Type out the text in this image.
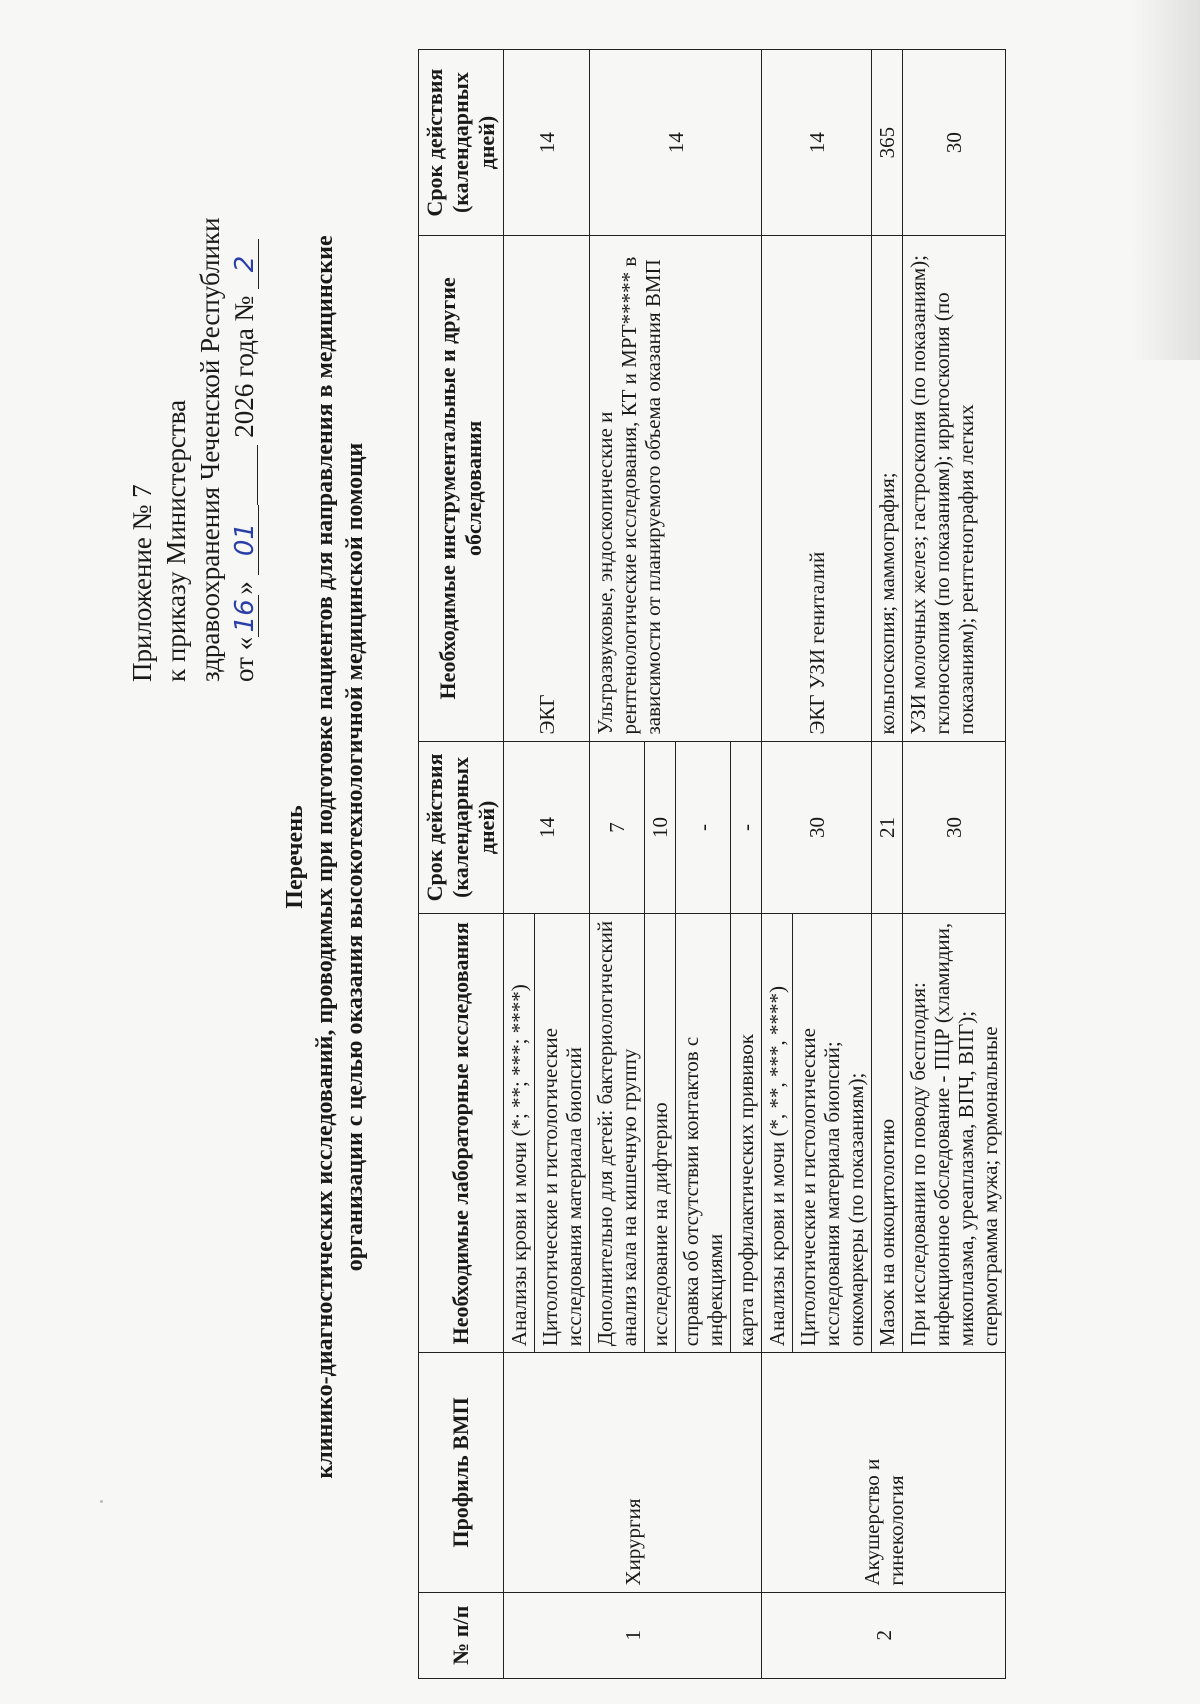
Приложение № 7 к приказу Министерства здравоохранения Чеченской Республики от «16» 01  2026 года № 2
Перечень клинико-диагностических исследований, проводимых при подготовке пациентов для направления в медицинские организации с целью оказания высокотехнологичной медицинской помощи
№ п/п	Профиль ВМП	Необходимые лабораторные исследования	Срок действия (календарных дней)	Необходимые инструментальные и другие обследования	Срок действия (календарных дней)
1	Хирургия	Анализы крови и мочи (*; **; ***; ****)	14	ЭКГ	14
		Цитологические и гистологические исследования материала биопсий			
		Дополнительно для детей: бактериологический анализ кала на кишечную группу	7	Ультразвуковые, эндоскопические и рентгенологические исследования, КТ и МРТ***** в зависимости от планируемого объема оказания ВМП	14
		исследование на дифтерию	10		
		справка об отсутствии контактов с инфекциями	-		
		карта профилактических прививок	-		
2	Акушерство и гинекология	Анализы крови и мочи (*, **, ***, ****)	30	ЭКГ УЗИ гениталий	14
		Цитологические и гистологические исследования материала биопсий; онкомаркеры (по показаниям);			
		Мазок на онкоцитологию	21	кольпоскопия; маммография;	365
		При исследовании по поводу бесплодия: инфекционное обследование - ПЦР (хламидии, микоплазма, уреаплазма, ВПЧ, ВПГ); спермограмма мужа; гормональные	30	УЗИ молочных желез; гастроскопия (по показаниям); гклоноскопия (по показаниям); ирригоскопия (по показаниям); рентгенография легких	30
